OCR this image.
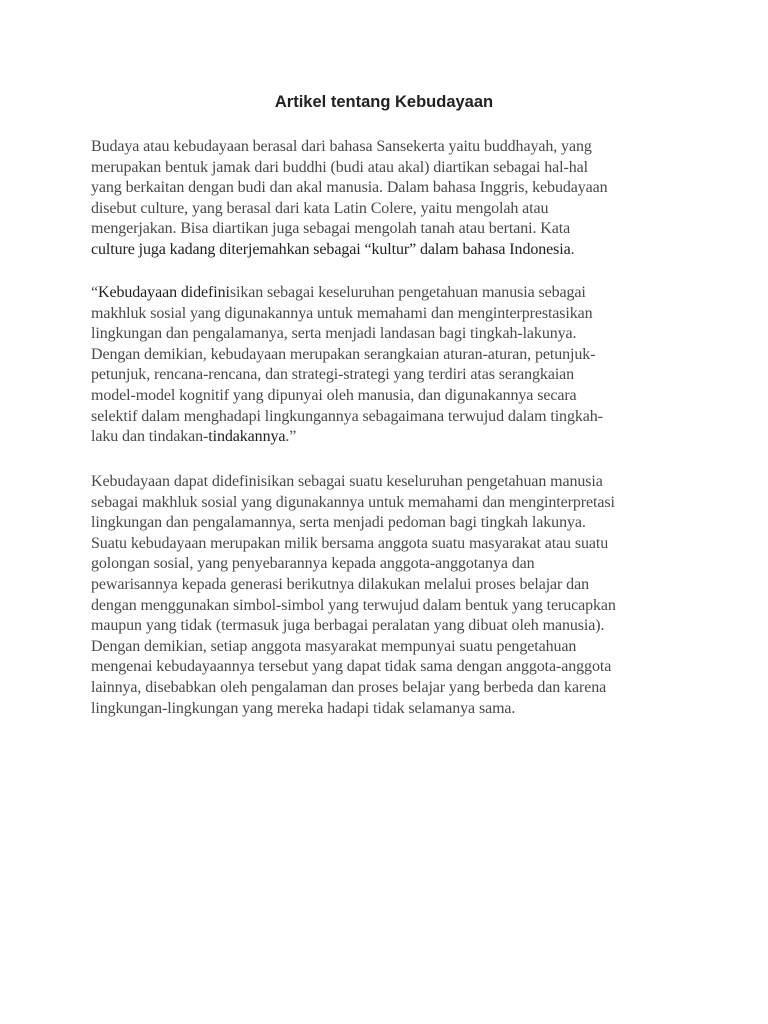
Artikel tentang Kebudayaan

Budaya atau kebudayaan berasal dari bahasa Sansekerta yaitu buddhayah, yang
merupakan bentuk jamak dari buddhi (budi atau akal) diartikan sebagai hal-hal
yang berkaitan dengan budi dan akal manusia. Dalam bahasa Inggris, kebudayaan
disebut culture, yang berasal dari kata Latin Colere, yaitu mengolah atau
mengerjakan. Bisa diartikan juga sebagai mengolah tanah atau bertani. Kata
culture juga kadang diterjemahkan sebagai “kultur” dalam bahasa Indonesia.

“Kebudayaan didefinisikan sebagai keseluruhan pengetahuan manusia sebagai
makhluk sosial yang digunakannya untuk memahami dan menginterprestasikan
lingkungan dan pengalamanya, serta menjadi landasan bagi tingkah-lakunya.
Dengan demikian, kebudayaan merupakan serangkaian aturan-aturan, petunjuk-
petunjuk, rencana-rencana, dan strategi-strategi yang terdiri atas serangkaian
model-model kognitif yang dipunyai oleh manusia, dan digunakannya secara
selektif dalam menghadapi lingkungannya sebagaimana terwujud dalam tingkah-
laku dan tindakan-tindakannya.”

Kebudayaan dapat didefinisikan sebagai suatu keseluruhan pengetahuan manusia
sebagai makhluk sosial yang digunakannya untuk memahami dan menginterpretasi
lingkungan dan pengalamannya, serta menjadi pedoman bagi tingkah lakunya.
Suatu kebudayaan merupakan milik bersama anggota suatu masyarakat atau suatu
golongan sosial, yang penyebarannya kepada anggota-anggotanya dan
pewarisannya kepada generasi berikutnya dilakukan melalui proses belajar dan
dengan menggunakan simbol-simbol yang terwujud dalam bentuk yang terucapkan
maupun yang tidak (termasuk juga berbagai peralatan yang dibuat oleh manusia).
Dengan demikian, setiap anggota masyarakat mempunyai suatu pengetahuan
mengenai kebudayaannya tersebut yang dapat tidak sama dengan anggota-anggota
lainnya, disebabkan oleh pengalaman dan proses belajar yang berbeda dan karena
lingkungan-lingkungan yang mereka hadapi tidak selamanya sama.
